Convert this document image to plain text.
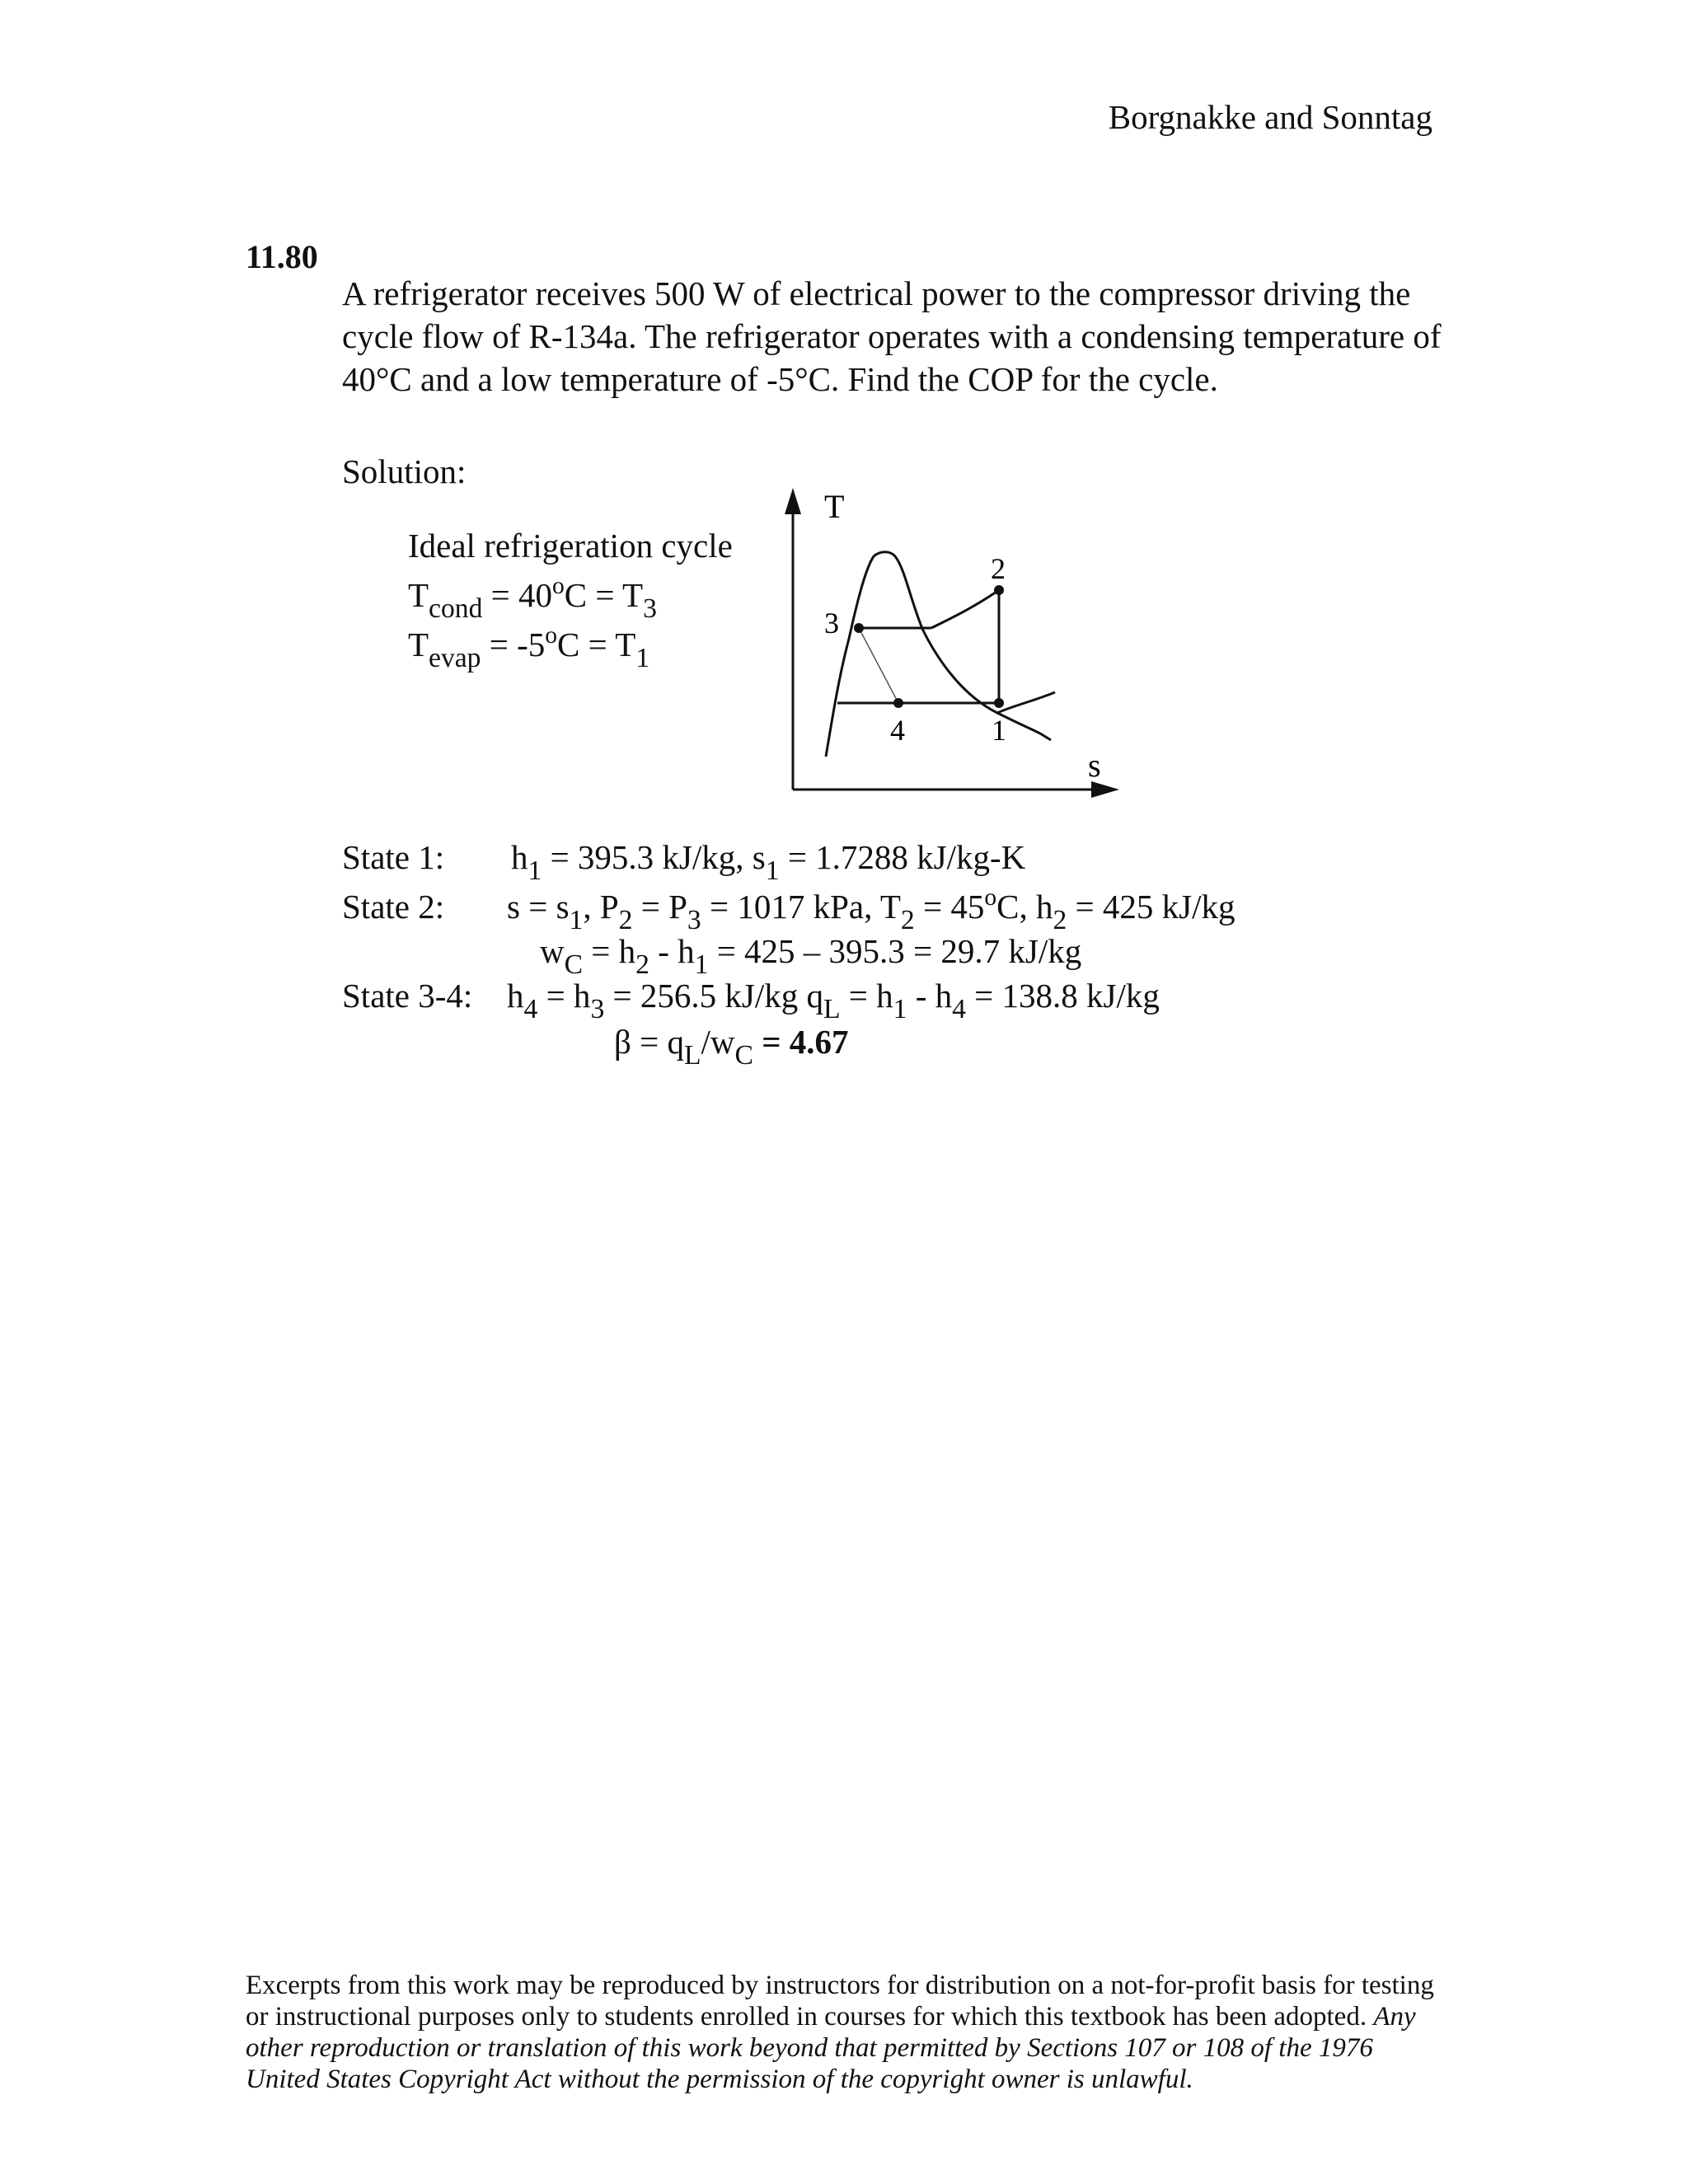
Borgnakke and Sonntag
11.80
A refrigerator receives 500 W of electrical power to the compressor driving the cycle flow of R-134a. The refrigerator operates with a condensing temperature of 40°C and a low temperature of -5°C. Find the COP for the cycle.
Solution:
Ideal refrigeration cycle
$T_{cond} = 40^oC = T_3$
$T_{evap} = -5^oC = T_1$
T
s
1
2
3
4
State 1: $h_1 = 395.3$ kJ/kg, $s_1 = 1.7288$ kJ/kg-K
State 2: $s = s_1$, $P_2 = P_3 = 1017$ kPa, $T_2 = 45^oC$, $h_2 = 425$ kJ/kg
$w_C = h_2 - h_1 = 425 - 395.3 = 29.7$ kJ/kg
State 3-4: $h_4 = h_3 = 256.5$ kJ/kg $q_L = h_1 - h_4 = 138.8$ kJ/kg
$\beta = q_L/w_C = 4.67$
Excerpts from this work may be reproduced by instructors for distribution on a not-for-profit basis for testing or instructional purposes only to students enrolled in courses for which this textbook has been adopted. Any other reproduction or translation of this work beyond that permitted by Sections 107 or 108 of the 1976 United States Copyright Act without the permission of the copyright owner is unlawful.
